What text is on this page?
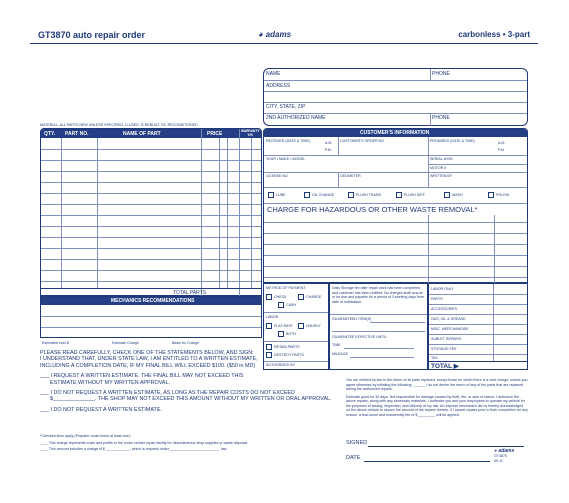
GT3870 auto repair order	◕ adams	carbonless • 3-part
NAME	PHONE
ADDRESS
CITY, STATE, ZIP
2ND AUTHORIZED NAME	PHONE
MATERIAL. ALL PARTS NEW UNLESS SPECIFIED. U-USED. R-REBUILT. RC-RECONDITIONED
QTY. PART NO.	NAME OF PART	PRICE	WARRANTY Y/N
TOTAL PARTS
MECHANICS RECOMMENDATIONS
Estimated cost $	Estimate Charge	Basis for Charge
CUSTOMER'S INFORMATION
RECEIVED (DATE & TIME)	A.M.
P.M.
CUSTOMER'S ORDER NO.	PROMISED (DATE & TIME)	A.M.
P.M.
YEAR • MAKE • MODEL	SERIAL #/VIN
MOTOR #
LICENSE NO.	ODOMETER	WRITTEN BY
LUBE	OIL CHANGE	FLUSH TRANS.	FLUSH DIFF.	WASH	POLISH
CHARGE FOR HAZARDOUS OR OTHER WASTE REMOVAL*
METHOD OF PAYMENT
CHECK	CHARGE
CASH
LABOR
FLAT RATE	HOURLY
BOTH
RETAIN PARTS
DESTROY PARTS
AUTHORIZED BY
Daily Storage fee after repair work has been completed and customer has been notified. No charges shall accrue or be due and payable for a period of 3 working days from date of notification.
GUARANTEED ITEM(S)
GUARANTEE EFFECTIVE UNTIL:
TIME
MILEAGE
LABOR ONLY
PARTS
ACCESSORIES
GAS, OIL & GREASE
MISC. MERCHANDISE
SUBLET REPAIRS
STORAGE FEE
TAX
TOTAL ▶
PLEASE READ CAREFULLY, CHECK ONE OF THE STATEMENTS BELOW, AND SIGN:
I UNDERSTAND THAT, UNDER STATE LAW, I AM ENTITLED TO A WRITTEN ESTIMATE,
INCLUDING A COMPLETION DATE, IF MY FINAL BILL WILL EXCEED $100. ($50 in MD)
___ I REQUEST A WRITTEN ESTIMATE. THE FINAL BILL MAY NOT EXCEED THIS
ESTIMATE WITHOUT MY WRITTEN APPROVAL.
___ I DO NOT REQUEST A WRITTEN ESTIMATE, AS LONG AS THE REPAIR COSTS DO NOT EXCEED
$______________. THE SHOP MAY NOT EXCEED THIS AMOUNT WITHOUT MY WRITTEN OR ORAL APPROVAL.
___ I DO NOT REQUEST A WRITTEN ESTIMATE.
*Checked lines apply (Preparer must check at least one):
____ This charge represents costs and profits to the motor vehicle repair facility for miscellaneous shop supplies or waste disposal.
____ This amount includes a charge of $ ____________, which is required under _________________________ law.
You are entitled by law to the return of all parts replaced, except those for which there is a core charge, unless you agree otherwise by initialing the following: ______ I do not desire the return of any of the parts that are replaced during the authorized repairs.
Estimate good for 30 days. Not responsible for damage caused by theft, fire, or acts of nature. I authorize the above repairs, along with any necessary materials. I authorize you and your employees to operate my vehicle for the purposes of testing, inspection, and delivery at my risk. An express mechanic's lien is hereby acknowledged on the above vehicle to secure the amount of the repairs thereto. If I cancel repairs prior to their completion for any reason, a tear-down and reassembly fee of $_________ will be applied.
SIGNED
DATE
◕ adams
GT3870
09-11
